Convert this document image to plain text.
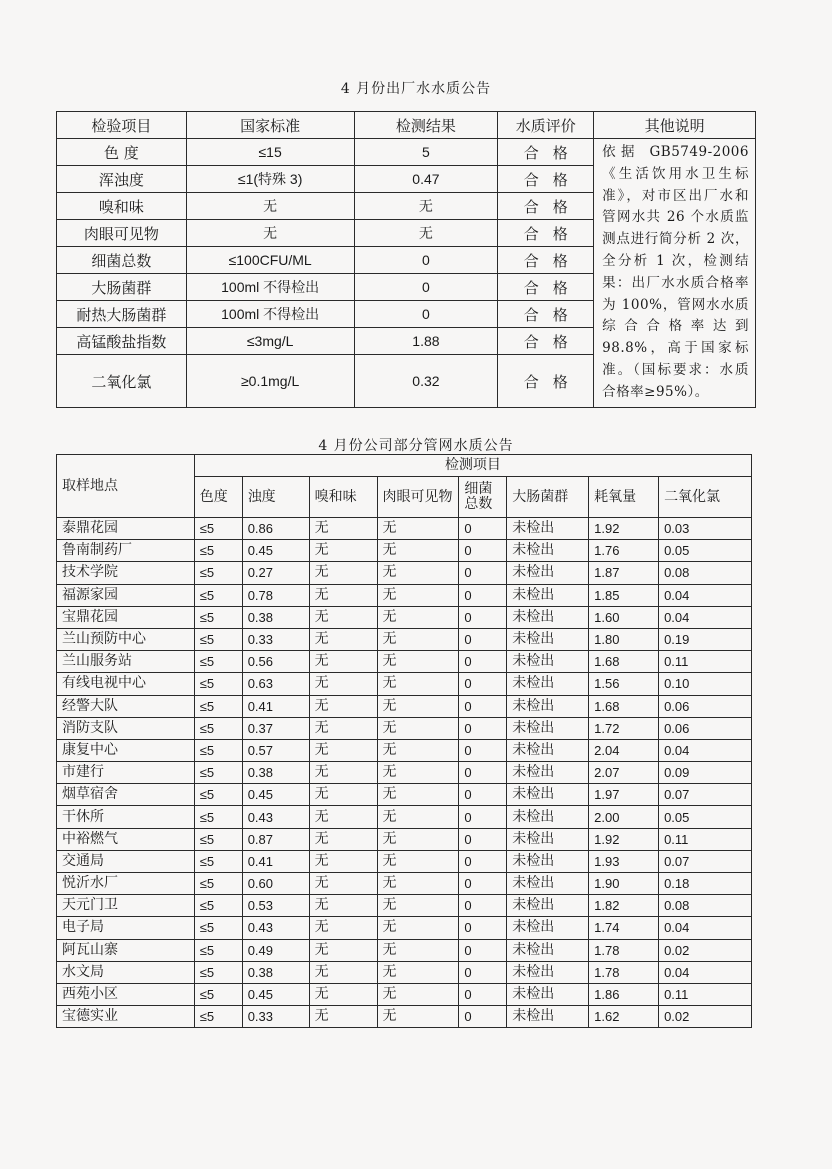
4 月份出厂水水质公告
检验项目	国家标准	检测结果	水质评价	其他说明
色 度	≤15	5	合格	依据 GB5749-2006《生活饮用水卫生标准》，对市区出厂水和管网水共 26 个水质监测点进行简分析 2 次，全分析 1 次，检测结果：出厂水水质合格率为 100%，管网水水质综合合格率达到 98.8%，高于国家标准。（国标要求：水质合格率≥95%）。
浑浊度	≤1(特殊 3)	0.47	合格	
嗅和味	无	无	合格	
肉眼可见物	无	无	合格	
细菌总数	≤100CFU/ML	0	合格	
大肠菌群	100ml 不得检出	0	合格	
耐热大肠菌群	100ml 不得检出	0	合格	
高锰酸盐指数	≤3mg/L	1.88	合格	
二氧化氯	≥0.1mg/L	0.32	合格	
4 月份公司部分管网水质公告
取样地点	检测项目							
	色度	浊度	嗅和味	肉眼可见物	细菌总数	大肠菌群	耗氧量	二氧化氯
泰鼎花园	≤5	0.86	无	无	0	未检出	1.92	0.03
鲁南制药厂	≤5	0.45	无	无	0	未检出	1.76	0.05
技术学院	≤5	0.27	无	无	0	未检出	1.87	0.08
福源家园	≤5	0.78	无	无	0	未检出	1.85	0.04
宝鼎花园	≤5	0.38	无	无	0	未检出	1.60	0.04
兰山预防中心	≤5	0.33	无	无	0	未检出	1.80	0.19
兰山服务站	≤5	0.56	无	无	0	未检出	1.68	0.11
有线电视中心	≤5	0.63	无	无	0	未检出	1.56	0.10
经警大队	≤5	0.41	无	无	0	未检出	1.68	0.06
消防支队	≤5	0.37	无	无	0	未检出	1.72	0.06
康复中心	≤5	0.57	无	无	0	未检出	2.04	0.04
市建行	≤5	0.38	无	无	0	未检出	2.07	0.09
烟草宿舍	≤5	0.45	无	无	0	未检出	1.97	0.07
干休所	≤5	0.43	无	无	0	未检出	2.00	0.05
中裕燃气	≤5	0.87	无	无	0	未检出	1.92	0.11
交通局	≤5	0.41	无	无	0	未检出	1.93	0.07
悦沂水厂	≤5	0.60	无	无	0	未检出	1.90	0.18
天元门卫	≤5	0.53	无	无	0	未检出	1.82	0.08
电子局	≤5	0.43	无	无	0	未检出	1.74	0.04
阿瓦山寨	≤5	0.49	无	无	0	未检出	1.78	0.02
水文局	≤5	0.38	无	无	0	未检出	1.78	0.04
西苑小区	≤5	0.45	无	无	0	未检出	1.86	0.11
宝德实业	≤5	0.33	无	无	0	未检出	1.62	0.02
